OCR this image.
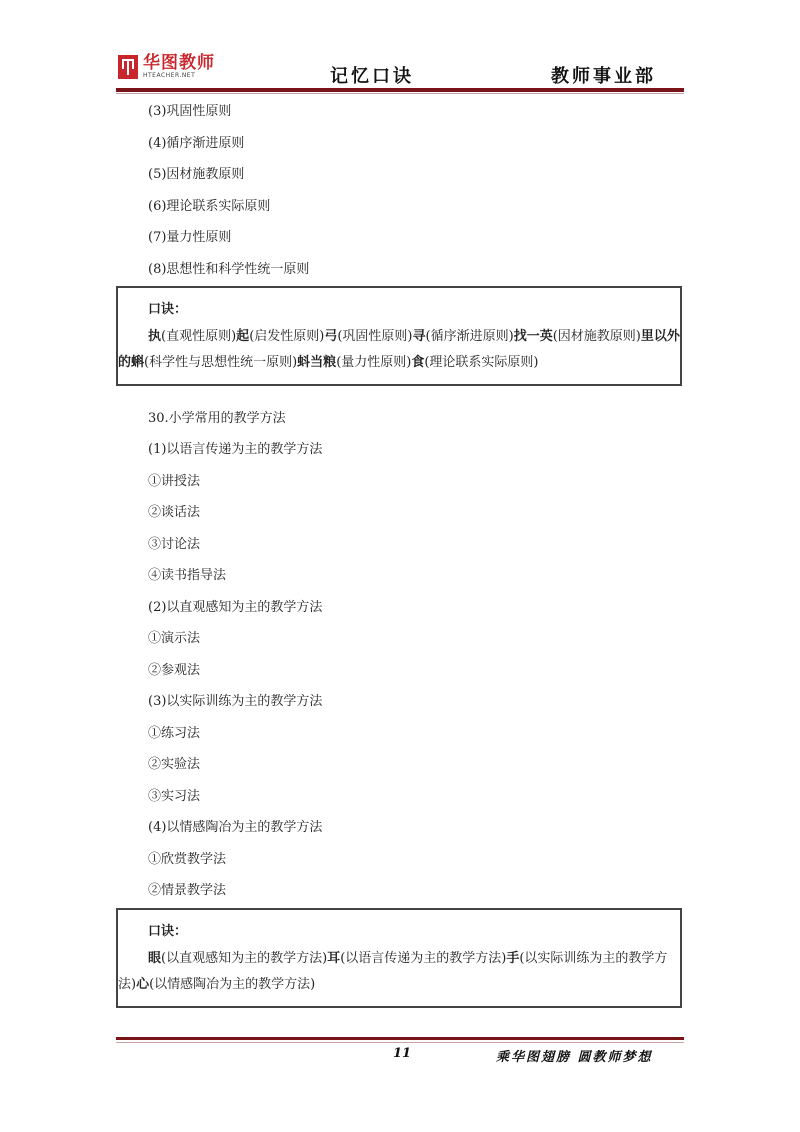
华图教师
HTEACHER.NET	记忆口诀	教师事业部
(3)巩固性原则
(4)循序渐进原则
(5)因材施教原则
(6)理论联系实际原则
(7)量力性原则
(8)思想性和科学性统一原则
口诀：
执(直观性原则)起(启发性原则)弓(巩固性原则)寻(循序渐进原则)找一英(因材施教原则)里以外的蝌(科学性与思想性统一原则)蚪当粮(量力性原则)食(理论联系实际原则)
30.小学常用的教学方法
(1)以语言传递为主的教学方法
①讲授法
②谈话法
③讨论法
④读书指导法
(2)以直观感知为主的教学方法
①演示法
②参观法
(3)以实际训练为主的教学方法
①练习法
②实验法
③实习法
(4)以情感陶冶为主的教学方法
①欣赏教学法
②情景教学法
口诀：
眼(以直观感知为主的教学方法)耳(以语言传递为主的教学方法)手(以实际训练为主的教学方法)心(以情感陶冶为主的教学方法)
11	乘华图翅膀 圆教师梦想
